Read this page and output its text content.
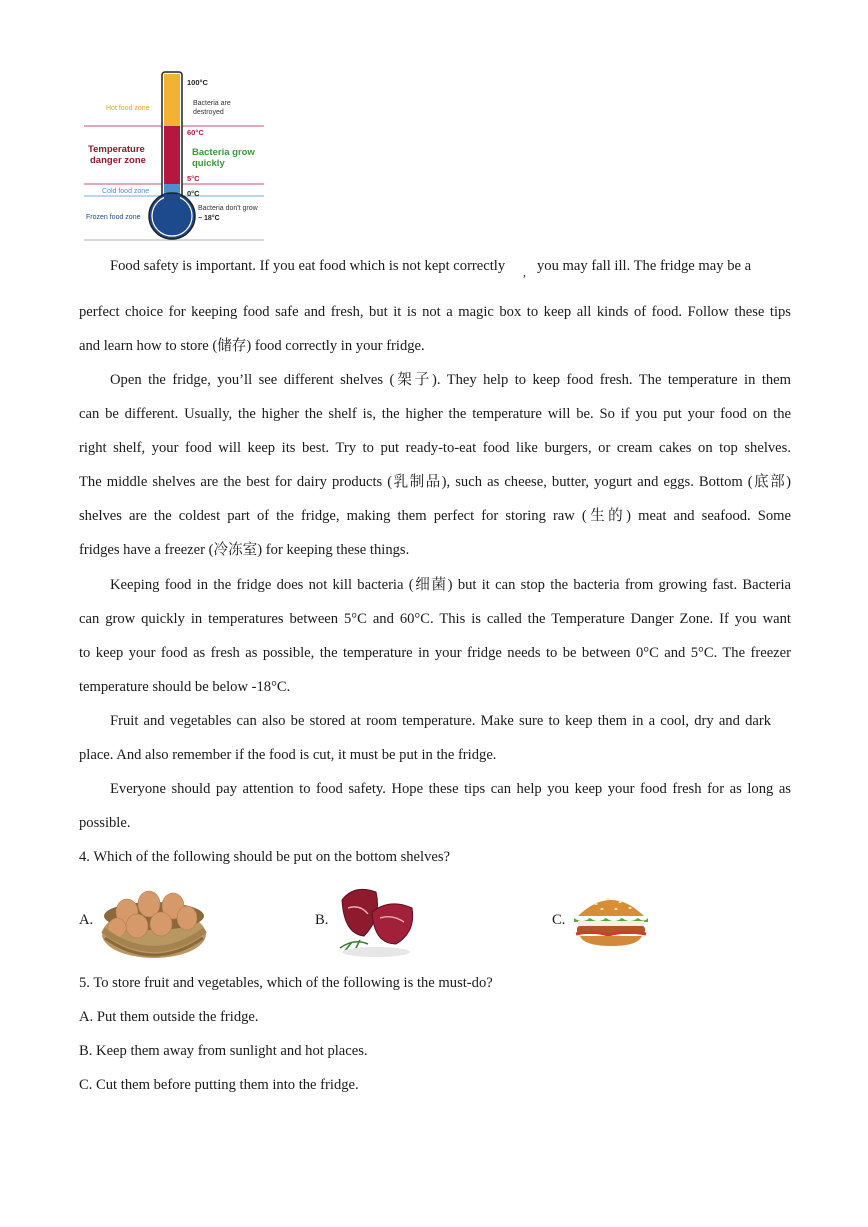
Hot food zone
Temperature
danger zone
Cold food zone
Frozen food zone
100°C
60°C
5°C
0°C
− 18°C
Bacteria are
destroyed
Bacteria grow
quickly
Bacteria don't grow
Food safety is important. If you eat food which is not kept correctly , you may fall ill. The fridge may be a
perfect choice for keeping food safe and fresh, but it is not a magic box to keep all kinds of food. Follow these tips
and learn how to store (储存) food correctly in your fridge.
Open the fridge, you’ll see different shelves (架子). They help to keep food fresh. The temperature in them
can be different. Usually, the higher the shelf is, the higher the temperature will be. So if you put your food on the
right shelf, your food will keep its best. Try to put ready-to-eat food like burgers, or cream cakes on top shelves.
The middle shelves are the best for dairy products (乳制品), such as cheese, butter, yogurt and eggs. Bottom (底部)
shelves are the coldest part of the fridge, making them perfect for storing raw (生的) meat and seafood. Some
fridges have a freezer (冷冻室) for keeping these things.
Keeping food in the fridge does not kill bacteria (细菌) but it can stop the bacteria from growing fast. Bacteria
can grow quickly in temperatures between 5°C and 60°C. This is called the Temperature Danger Zone. If you want
to keep your food as fresh as possible, the temperature in your fridge needs to be between 0°C and 5°C. The freezer
temperature should be below -18°C.
Fruit and vegetables can also be stored at room temperature. Make sure to keep them in a cool, dry and dark
place. And also remember if the food is cut, it must be put in the fridge.
Everyone should pay attention to food safety. Hope these tips can help you keep your food fresh for as long as
possible.
4. Which of the following should be put on the bottom shelves?
A.	B.	C.
5. To store fruit and vegetables, which of the following is the must-do?
A. Put them outside the fridge.
B. Keep them away from sunlight and hot places.
C. Cut them before putting them into the fridge.
